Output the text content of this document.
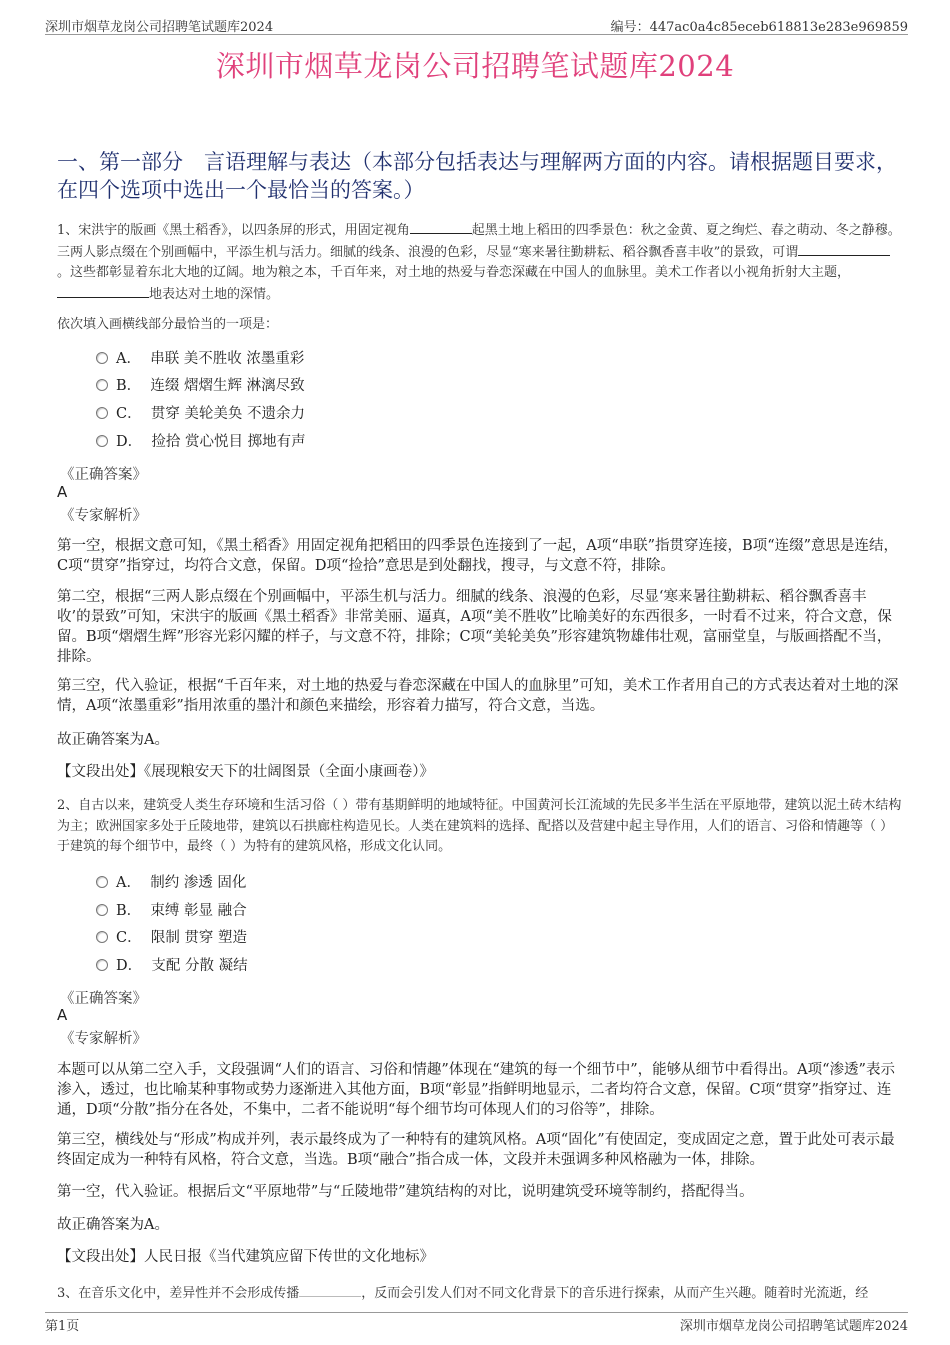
深圳市烟草龙岗公司招聘笔试题库2024	编号：447ac0a4c85eceb618813e283e969859
深圳市烟草龙岗公司招聘笔试题库2024
一、第一部分　言语理解与表达（本部分包括表达与理解两方面的内容。请根据题目要求，在四个选项中选出一个最恰当的答案。）
1、宋洪宇的版画《黑土稻香》，以四条屏的形式，用固定视角	起黑土地上稻田的四季景色：秋之金黄、夏之绚烂、春之萌动、冬之静穆。三两人影点缀在个别画幅中，平添生机与活力。细腻的线条、浪漫的色彩，尽显“寒来暑往勤耕耘、稻谷飘香喜丰收”的景致，可谓。这些都彰显着东北大地的辽阔。地为粮之本，千百年来，对土地的热爱与眷恋深藏在中国人的血脉里。美术工作者以小视角折射大主题，地表达对土地的深情。
依次填入画横线部分最恰当的一项是：
A． 串联 美不胜收 浓墨重彩
B． 连缀 熠熠生辉 淋漓尽致
C． 贯穿 美轮美奂 不遗余力
D． 捡拾 赏心悦目 掷地有声
《正确答案》
A
《专家解析》
第一空，根据文意可知，《黑土稻香》用固定视角把稻田的四季景色连接到了一起，A项“串联”指贯穿连接，B项“连缀”意思是连结，C项“贯穿”指穿过，均符合文意，保留。D项“捡拾”意思是到处翻找，搜寻，与文意不符，排除。
第二空，根据“三两人影点缀在个别画幅中，平添生机与活力。细腻的线条、浪漫的色彩，尽显‘寒来暑往勤耕耘、稻谷飘香喜丰收’的景致”可知，宋洪宇的版画《黑土稻香》非常美丽、逼真，A项“美不胜收”比喻美好的东西很多，一时看不过来，符合文意，保留。B项“熠熠生辉”形容光彩闪耀的样子，与文意不符，排除；C项“美轮美奂”形容建筑物雄伟壮观，富丽堂皇，与版画搭配不当，排除。
第三空，代入验证，根据“千百年来，对土地的热爱与眷恋深藏在中国人的血脉里”可知，美术工作者用自己的方式表达着对土地的深情，A项“浓墨重彩”指用浓重的墨汁和颜色来描绘，形容着力描写，符合文意，当选。
故正确答案为A。
【文段出处】《展现粮安天下的壮阔图景（全面小康画卷）》
2、自古以来，建筑受人类生存环境和生活习俗（ ）带有基期鲜明的地域特征。中国黄河长江流域的先民多半生活在平原地带，建筑以泥土砖木结构为主；欧洲国家多处于丘陵地带，建筑以石拱廊柱构造见长。人类在建筑料的选择、配搭以及营建中起主导作用，人们的语言、习俗和情趣等（ ）于建筑的每个细节中，最终（ ）为特有的建筑风格，形成文化认同。
A． 制约 渗透 固化
B． 束缚 彰显 融合
C． 限制 贯穿 塑造
D． 支配 分散 凝结
《正确答案》
A
《专家解析》
本题可以从第二空入手，文段强调“人们的语言、习俗和情趣”体现在“建筑的每一个细节中”，能够从细节中看得出。A项“渗透”表示渗入，透过，也比喻某种事物或势力逐渐进入其他方面，B项“彰显”指鲜明地显示，二者均符合文意，保留。C项“贯穿”指穿过、连通，D项“分散”指分在各处，不集中，二者不能说明“每个细节均可体现人们的习俗等”，排除。
第三空，横线处与“形成”构成并列，表示最终成为了一种特有的建筑风格。A项“固化”有使固定，变成固定之意，置于此处可表示最终固定成为一种特有风格，符合文意，当选。B项“融合”指合成一体，文段并未强调多种风格融为一体，排除。
第一空，代入验证。根据后文“平原地带”与“丘陵地带”建筑结构的对比，说明建筑受环境等制约，搭配得当。
故正确答案为A。
【文段出处】人民日报《当代建筑应留下传世的文化地标》
3、在音乐文化中，差异性并不会形成传播	，反而会引发人们对不同文化背景下的音乐进行探索，从而产生兴趣。随着时光流逝，经
第1页	深圳市烟草龙岗公司招聘笔试题库2024
